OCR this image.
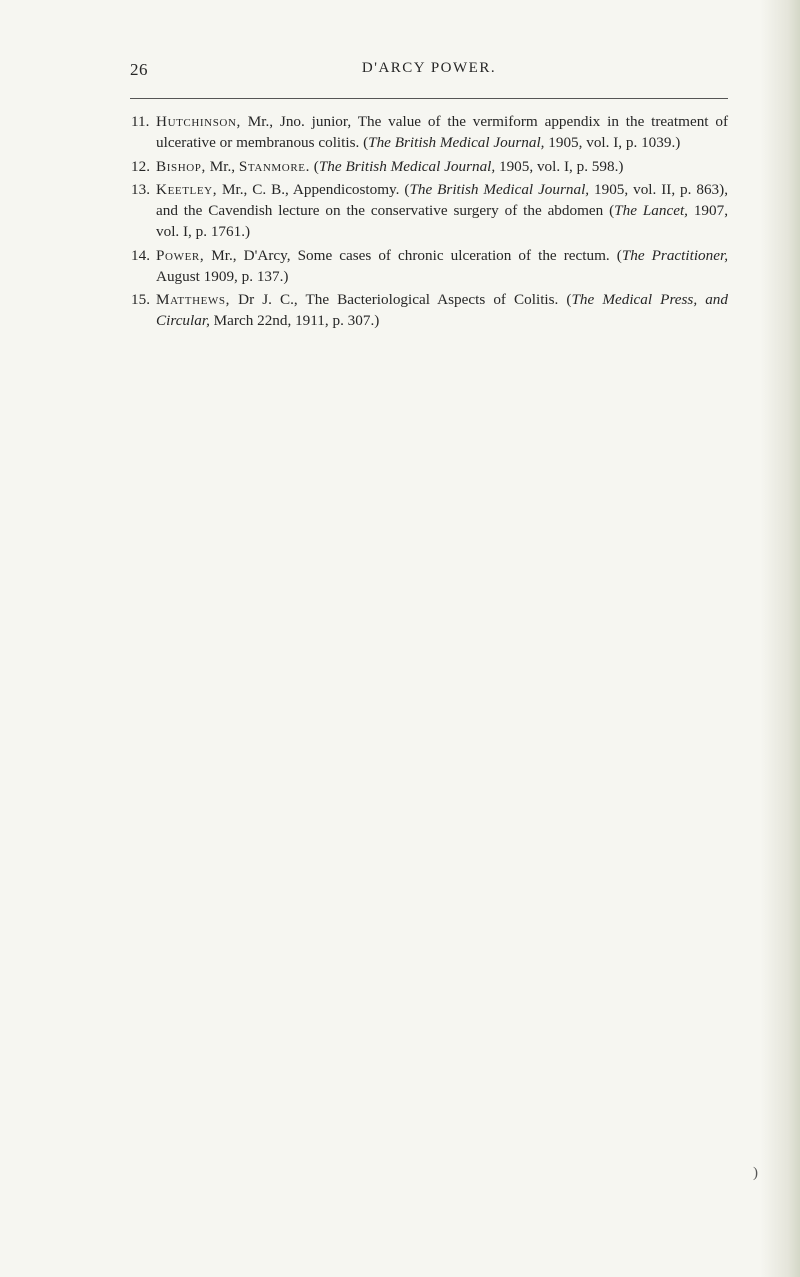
26	D'ARCY POWER.
11. Hutchinson, Mr., Jno. junior, The value of the vermiform appendix in the treatment of ulcerative or membranous colitis. (The British Medical Journal, 1905, vol. I, p. 1039.)
12. Bishop, Mr., Stanmore. (The British Medical Journal, 1905, vol. I, p. 598.)
13. Keetley, Mr., C. B., Appendicostomy. (The British Medical Journal, 1905, vol. II, p. 863), and the Cavendish lecture on the conservative surgery of the abdomen (The Lancet, 1907, vol. I, p. 1761.)
14. Power, Mr., D'Arcy, Some cases of chronic ulceration of the rectum. (The Practitioner, August 1909, p. 137.)
15. Matthews, Dr J. C., The Bacteriological Aspects of Colitis. (The Medical Press, and Circular, March 22nd, 1911, p. 307.)
)
